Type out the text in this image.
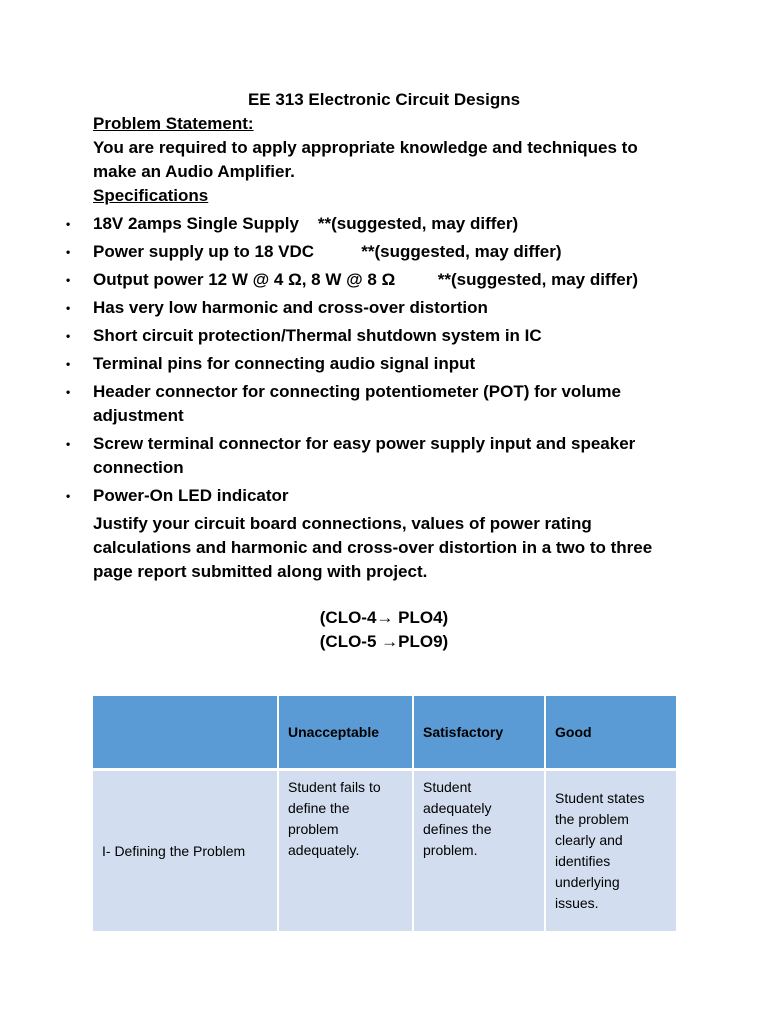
EE 313 Electronic Circuit Designs
Problem Statement:
You are required to apply appropriate knowledge and techniques to make an Audio Amplifier.
Specifications
• 18V 2amps Single Supply    **(suggested, may differ)
• Power supply up to 18 VDC          **(suggested, may differ)
• Output power 12 W @ 4 Ω, 8 W @ 8 Ω         **(suggested, may differ)
• Has very low harmonic and cross-over distortion
• Short circuit protection/Thermal shutdown system in IC
• Terminal pins for connecting audio signal input
• Header connector for connecting potentiometer (POT) for volume adjustment
• Screw terminal connector for easy power supply input and speaker connection
• Power-On LED indicator
Justify your circuit board connections, values of power rating calculations and harmonic and cross-over distortion in a two to three page report submitted along with project.
(CLO-4→ PLO4)
(CLO-5 →PLO9)
	Unacceptable	Satisfactory	Good
I- Defining the Problem	Student fails to define the problem adequately.	Student adequately defines the problem.	Student states the problem clearly and identifies underlying issues.
